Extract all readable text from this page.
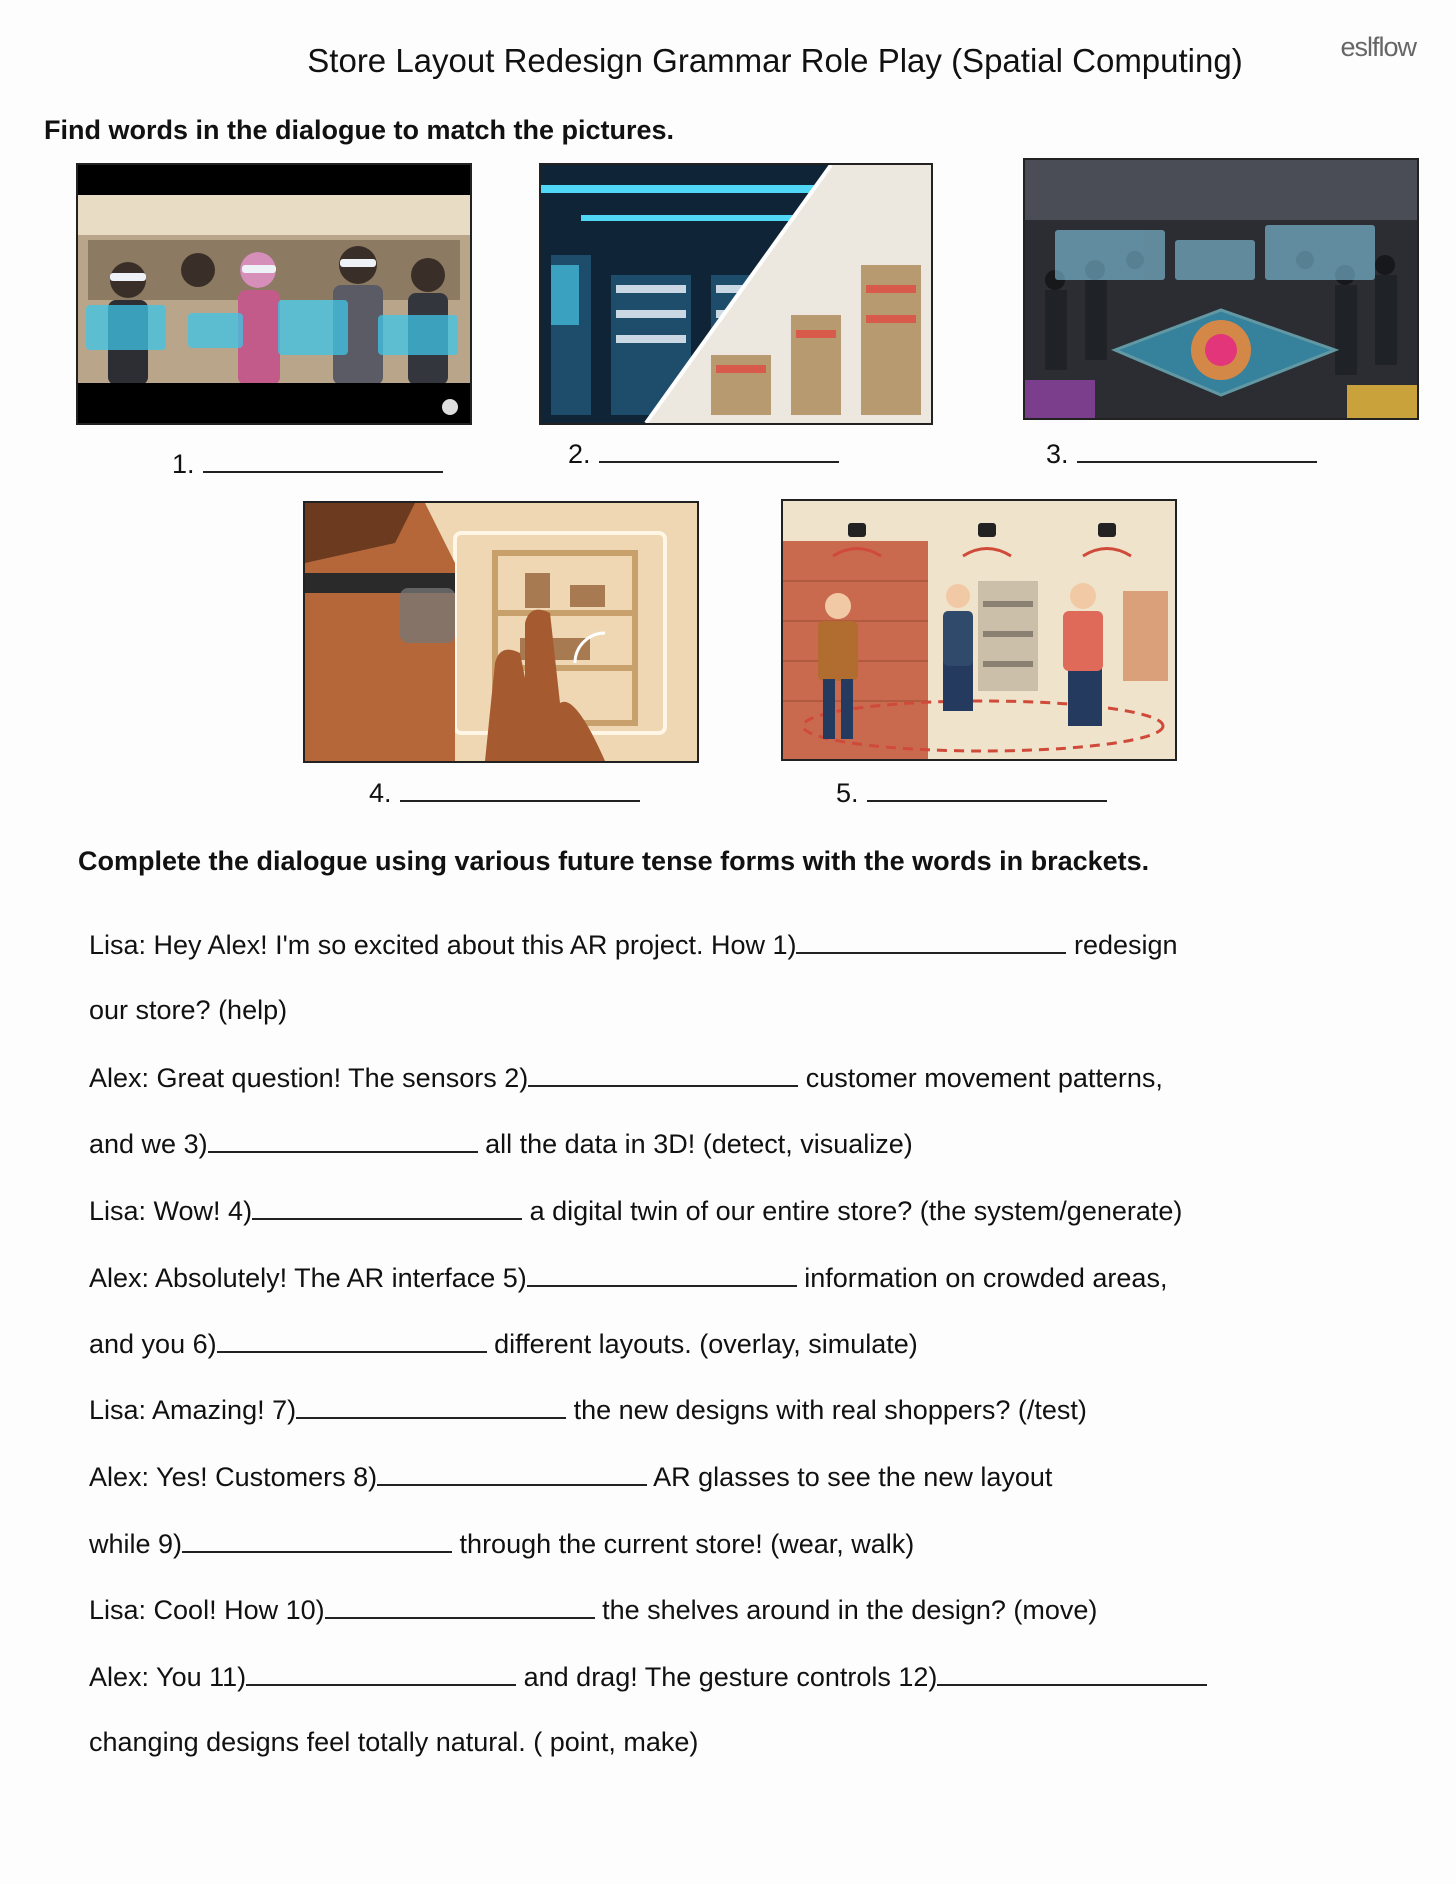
Store Layout Redesign Grammar Role Play (Spatial Computing)	eslflow
Find words in the dialogue to match the pictures.
1.	2.	3.
4.	5.
Complete the dialogue using various future tense forms with the words in brackets.
Lisa: Hey Alex! I'm so excited about this AR project. How 1)	redesign
our store? (help)
Alex: Great question! The sensors 2)	customer movement patterns,
and we 3)	all the data in 3D! (detect, visualize)
Lisa: Wow! 4)	a digital twin of our entire store? (the system/generate)
Alex: Absolutely! The AR interface 5)	information on crowded areas,
and you 6)	different layouts. (overlay, simulate)
Lisa: Amazing! 7)	the new designs with real shoppers? (/test)
Alex: Yes! Customers 8)	AR glasses to see the new layout
while 9)	through the current store! (wear, walk)
Lisa: Cool! How 10)	the shelves around in the design? (move)
Alex: You 11)	and drag! The gesture controls 12)
changing designs feel totally natural. ( point, make)
